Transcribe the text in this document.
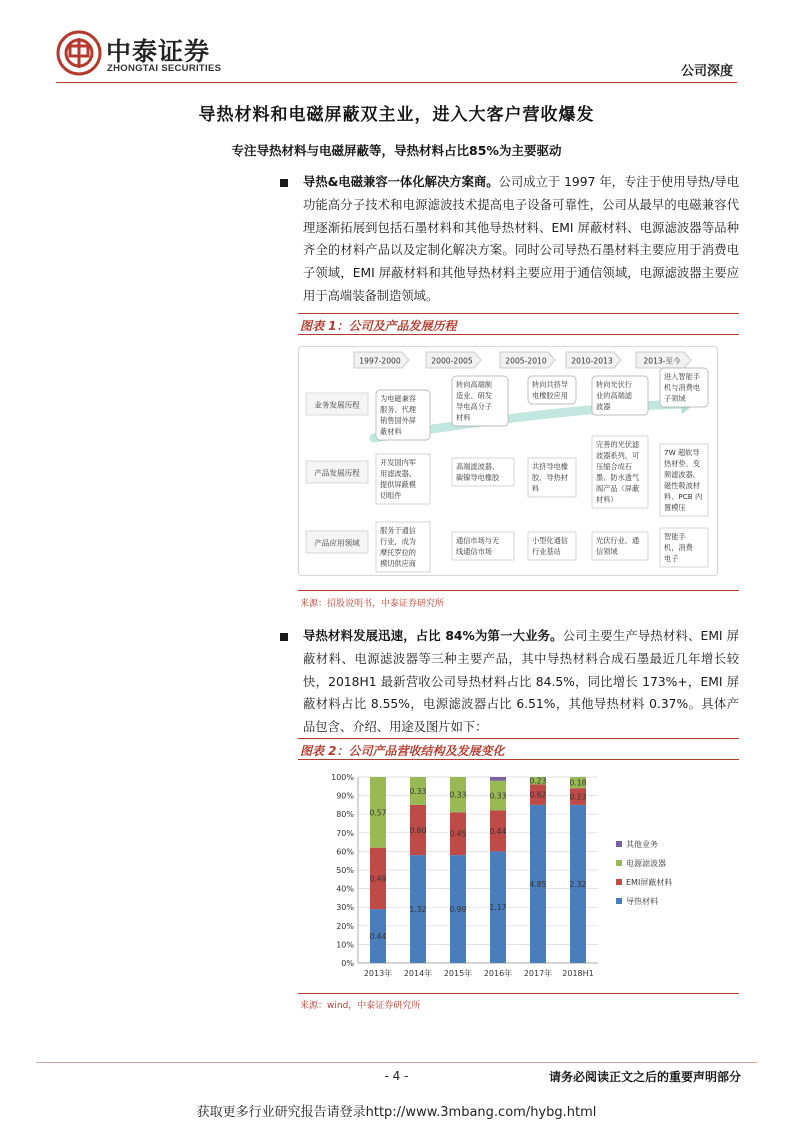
中泰证券
ZHONGTAI SECURITIES	公司深度
导热材料和电磁屏蔽双主业，进入大客户营收爆发
专注导热材料与电磁屏蔽等，导热材料占比85%为主要驱动
导热&电磁兼容一体化解决方案商。公司成立于 1997 年，专注于使用导热/导电功能高分子技术和电源滤波技术提高电子设备可靠性，公司从最早的电磁兼容代理逐渐拓展到包括石墨材料和其他导热材料、EMI 屏蔽材料、电源滤波器等品种齐全的材料产品以及定制化解决方案。同时公司导热石墨材料主要应用于消费电子领域，EMI 屏蔽材料和其他导热材料主要应用于通信领域，电源滤波器主要应用于高端装备制造领域。
图表 1：公司及产品发展历程
1997-2000	2000-2005	2005-2010	2010-2013	2013-至今
业务发展历程
产品发展历程
产品应用领域
为电磁兼容
服务、代理
销售国外屏
蔽材料
转向高端制
造业、研发
导电高分子
材料
转向共挤导
电橡胶应用
转向光伏行
业的高端滤
波器
进入智能手
机与消费电
子领域
开发国内军
用滤波器、
提供屏蔽模
切组件
高端滤波器、
碳镍导电橡胶
共挤导电橡
胶、导热材
料
完善的光伏滤
波器系列，可
压缩合成石
墨、防水透气
阀产品（屏蔽
材料）
7W 超软导
热材垫、变
频滤波器、
磁性吸波材
料、PCB 内
置模压
服务于通信
行业，成为
摩托罗拉的
模切供应商
通信市场与无
线通信市场
小型化通信
行业基站
光伏行业、通
信领域
智能手
机，消费
电子
来源：招股说明书，中泰证券研究所
导热材料发展迅速，占比 84%为第一大业务。公司主要生产导热材料、EMI 屏蔽材料、电源滤波器等三种主要产品，其中导热材料合成石墨最近几年增长较快，2018H1 最新营收公司导热材料占比 84.5%，同比增长 173%+，EMI 屏蔽材料占比 8.55%，电源滤波器占比 6.51%，其他导热材料 0.37%。具体产品包含、介绍、用途及图片如下：
图表 2：公司产品营收结构及发展变化
0%
10%
20%
30%
40%
50%
60%
70%
80%
90%
100%
2013年
0.44
0.49
0.57
2014年
1.32
0.60
0.33
2015年
0.99
0.45
0.33
2016年
1.17
0.44
0.33
2017年
4.85
0.62
0.23
2018H1
2.32
0.23
0.18
其他业务
电源滤波器
EMI屏蔽材料
导热材料
来源：wind，中泰证券研究所
- 4 -	请务必阅读正文之后的重要声明部分
获取更多行业研究报告请登录http://www.3mbang.com/hybg.html
